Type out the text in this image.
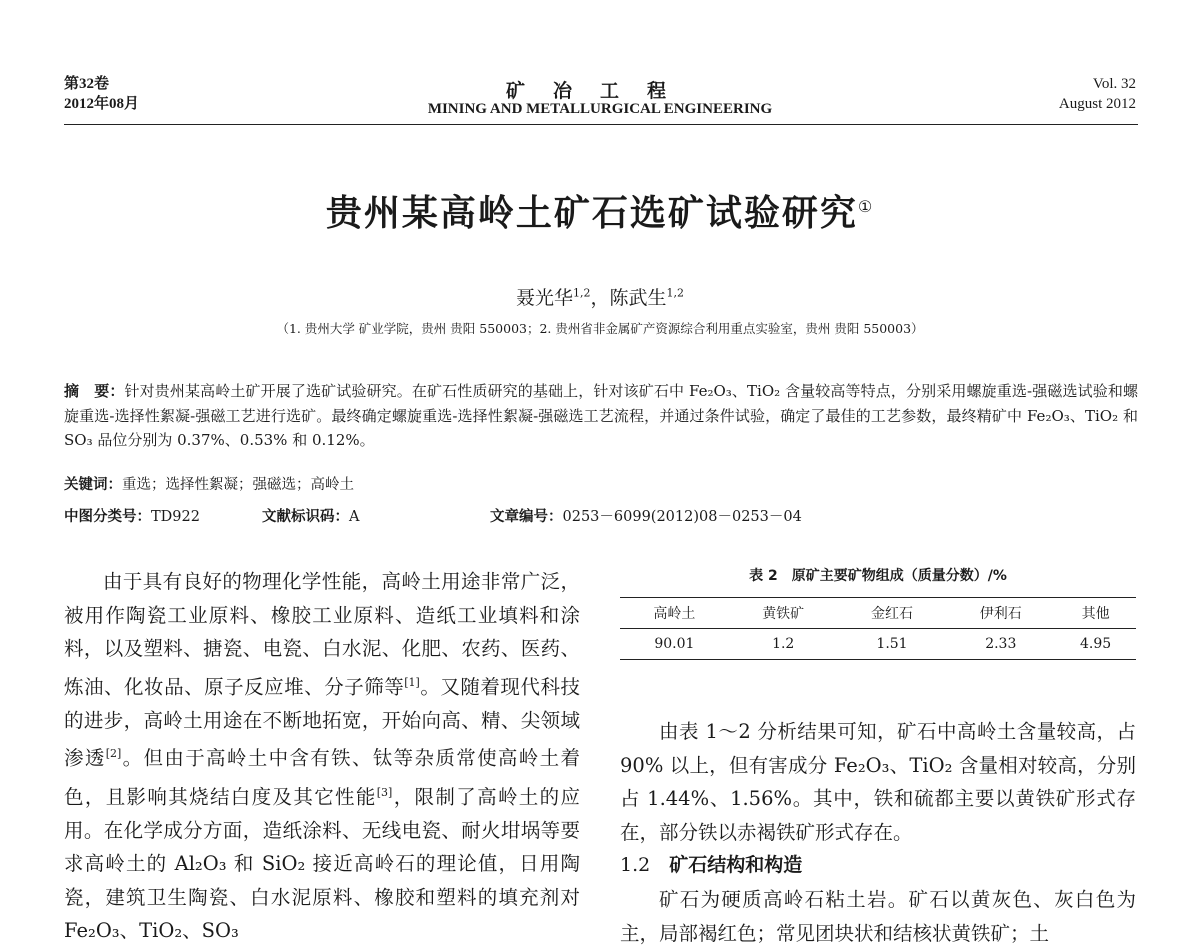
第32卷
2012年08月
矿冶工程
MINING AND METALLURGICAL ENGINEERING
Vol. 32
August 2012
贵州某高岭土矿石选矿试验研究①
聂光华$^{1,2}$，陈武生$^{1,2}$
（1. 贵州大学 矿业学院，贵州 贵阳 550003；2. 贵州省非金属矿产资源综合利用重点实验室，贵州 贵阳 550003）
摘　要：针对贵州某高岭土矿开展了选矿试验研究。在矿石性质研究的基础上，针对该矿石中 Fe₂O₃、TiO₂ 含量较高等特点，分别采用螺旋重选-强磁选试验和螺旋重选-选择性絮凝-强磁工艺进行选矿。最终确定螺旋重选-选择性絮凝-强磁选工艺流程，并通过条件试验，确定了最佳的工艺参数，最终精矿中 Fe₂O₃、TiO₂ 和 SO₃ 品位分别为 0.37%、0.53% 和 0.12%。
关键词：重选；选择性絮凝；强磁选；高岭土
中图分类号：TD922	文献标识码：A	文章编号：0253－6099(2012)08－0253－04
由于具有良好的物理化学性能，高岭土用途非常广泛，被用作陶瓷工业原料、橡胶工业原料、造纸工业填料和涂料，以及塑料、搪瓷、电瓷、白水泥、化肥、农药、医药、炼油、化妆品、原子反应堆、分子筛等[1]。又随着现代科技的进步，高岭土用途在不断地拓宽，开始向高、精、尖领域渗透[2]。但由于高岭土中含有铁、钛等杂质常使高岭土着色，且影响其烧结白度及其它性能[3]，限制了高岭土的应用。在化学成分方面，造纸涂料、无线电瓷、耐火坩埚等要求高岭土的 Al₂O₃ 和 SiO₂ 接近高岭石的理论值，日用陶瓷，建筑卫生陶瓷、白水泥原料、橡胶和塑料的填充剂对 Fe₂O₃、TiO₂、SO₃
表 2　原矿主要矿物组成（质量分数）/%
高岭土	黄铁矿	金红石	伊利石	其他
90.01	1.2	1.51	2.33	4.95

由表 1～2 分析结果可知，矿石中高岭土含量较高，占 90% 以上，但有害成分 Fe₂O₃、TiO₂ 含量相对较高，分别占 1.44%、1.56%。其中，铁和硫都主要以黄铁矿形式存在，部分铁以赤褐铁矿形式存在。

1.2　 矿石结构和构造

矿石为硬质高岭石粘土岩。矿石以黄灰色、灰白色为主，局部褐红色；常见团块状和结核状黄铁矿；土
